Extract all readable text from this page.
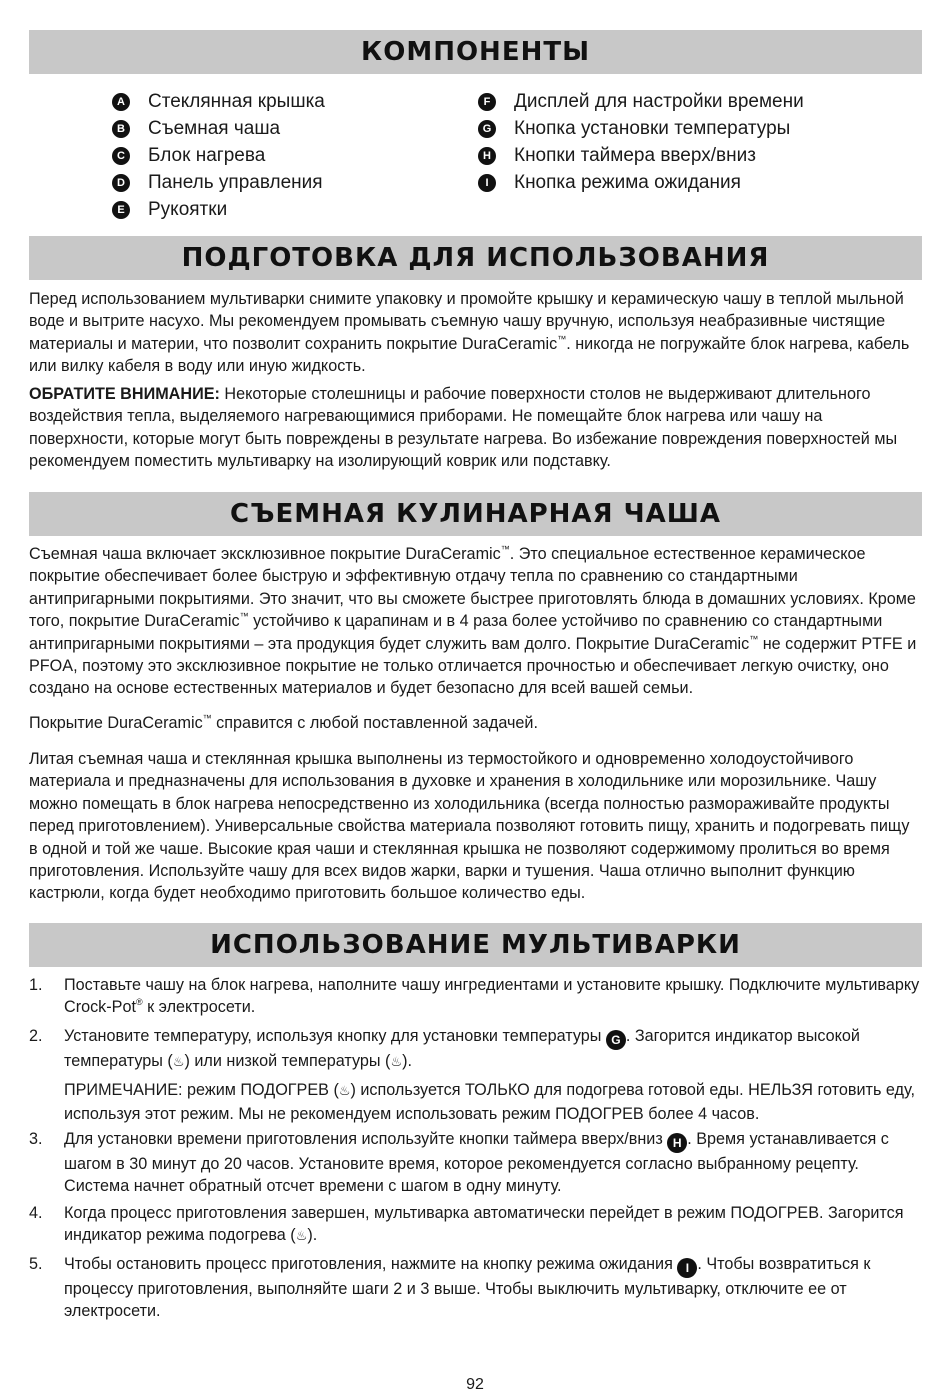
КОМПОНЕНТЫ
A Стеклянная крышка
B Съемная чаша
C Блок нагрева
D Панель управления
E Рукоятки
F Дисплей для настройки времени
G Кнопка установки температуры
H Кнопки таймера вверх/вниз
I	Кнопка режима ожидания
ПОДГОТОВКА ДЛЯ ИСПОЛЬЗОВАНИЯ
Перед использованием мультиварки снимите упаковку и промойте крышку и керамическую чашу в теплой мыльной воде и вытрите насухо. Мы рекомендуем промывать съемную чашу вручную, используя неабразивные чистящие материалы и материи, что позволит сохранить покрытие DuraCeramic™. никогда не погружайте блок нагрева, кабель или вилку кабеля в воду или иную жидкость.
ОБРАТИТЕ ВНИМАНИЕ: Некоторые столешницы и рабочие поверхности столов не выдерживают длительного воздействия тепла, выделяемого нагревающимися приборами. Не помещайте блок нагрева или чашу на поверхности, которые могут быть повреждены в результате нагрева. Во избежание повреждения поверхностей мы рекомендуем поместить мультиварку на изолирующий коврик или подставку.
СЪЕМНАЯ КУЛИНАРНАЯ ЧАША
Съемная чаша включает эксклюзивное покрытие DuraCeramic™. Это специальное естественное керамическое покрытие обеспечивает более быструю и эффективную отдачу тепла по сравнению со стандартными антипригарными покрытиями. Это значит, что вы сможете быстрее приготовлять блюда в домашних условиях. Кроме того, покрытие DuraCeramic™ устойчиво к царапинам и в 4 раза более устойчиво по сравнению со стандартными антипригарными покрытиями – эта продукция будет служить вам долго. Покрытие DuraCeramic™ не содержит PTFE и PFOA, поэтому это эксклюзивное покрытие не только отличается прочностью и обеспечивает легкую очистку, оно создано на основе естественных материалов и будет безопасно для всей вашей семьи.
Покрытие DuraCeramic™ справится с любой поставленной задачей.
Литая съемная чаша и стеклянная крышка выполнены из термостойкого и одновременно холодоустойчивого материала и предназначены для использования в духовке и хранения в холодильнике или морозильнике. Чашу можно помещать в блок нагрева непосредственно из холодильника (всегда полностью размораживайте продукты перед приготовлением). Универсальные свойства материала позволяют готовить пищу, хранить и подогревать пищу в одной и той же чаше. Высокие края чаши и стеклянная крышка не позволяют содержимому пролиться во время приготовления. Используйте чашу для всех видов жарки, варки и тушения. Чаша отлично выполнит функцию кастрюли, когда будет необходимо приготовить большое количество еды.
ИСПОЛЬЗОВАНИЕ МУЛЬТИВАРКИ
1. Поставьте чашу на блок нагрева, наполните чашу ингредиентами и установите крышку. Подключите мультиварку Crock-Pot® к электросети.
2. Установите температуру, используя кнопку для установки температуры G . Загорится индикатор высокой температуры (♨) или низкой температуры (♨).
ПРИМЕЧАНИЕ: режим ПОДОГРЕВ (♨) используется ТОЛЬКО для подогрева готовой еды. НЕЛЬЗЯ готовить еду, используя этот режим. Мы не рекомендуем использовать режим ПОДОГРЕВ более 4 часов.
3. Для установки времени приготовления используйте кнопки таймера вверх/вниз H . Время устанавливается с шагом в 30 минут до 20 часов. Установите время, которое рекомендуется согласно выбранному рецепту. Система начнет обратный отсчет времени с шагом в одну минуту.
4. Когда процесс приготовления завершен, мультиварка автоматически перейдет в режим ПОДОГРЕВ. Загорится индикатор режима подогрева (♨).
5. Чтобы остановить процесс приготовления, нажмите на кнопку режима ожидания I . Чтобы возвратиться к процессу приготовления, выполняйте шаги 2 и 3 выше. Чтобы выключить мультиварку, отключите ее от электросети.
92
